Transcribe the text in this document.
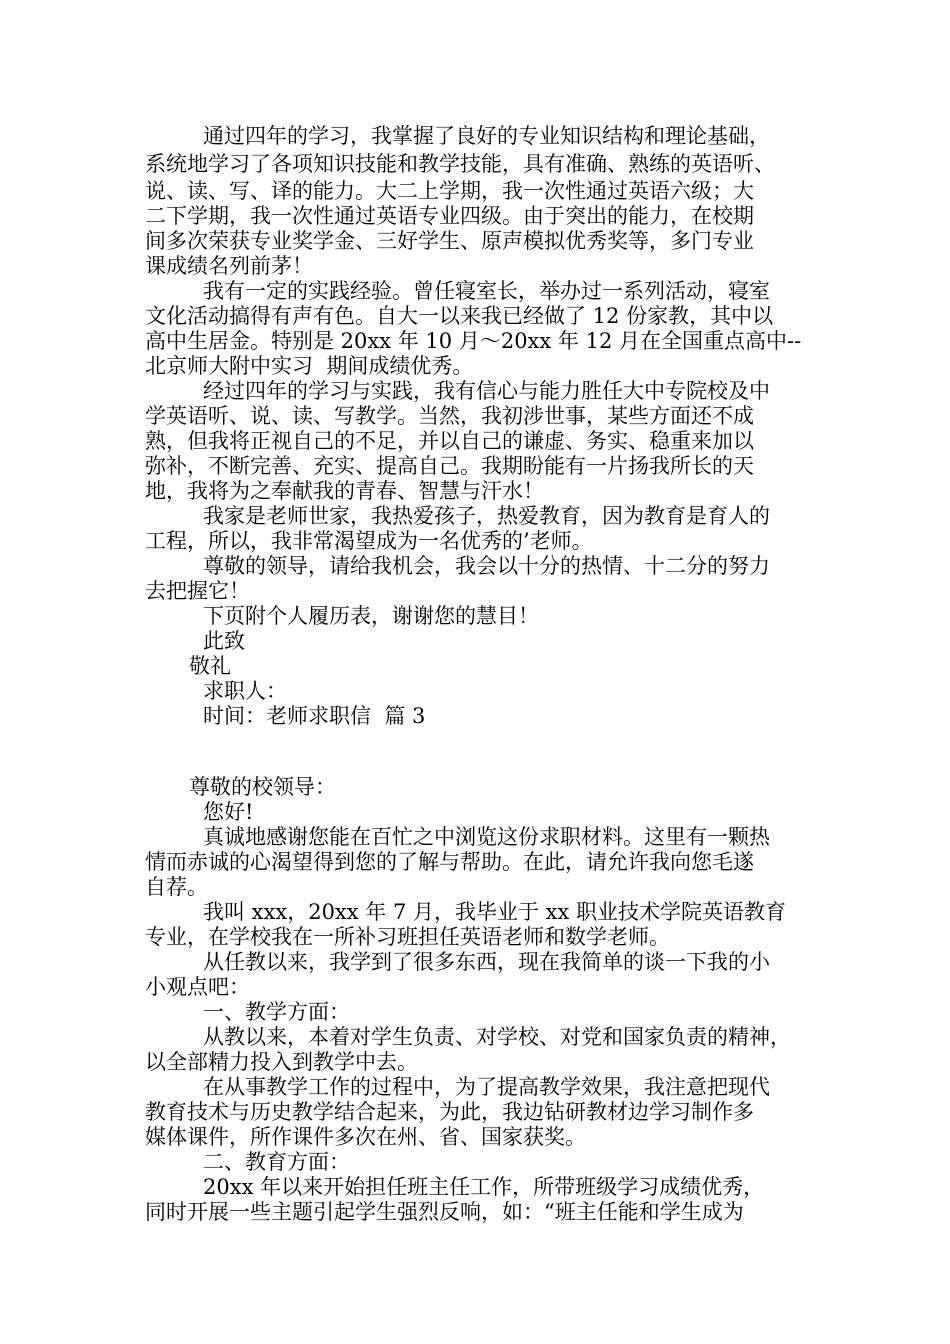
通过四年的学习，我掌握了良好的专业知识结构和理论基础，
系统地学习了各项知识技能和教学技能，具有准确、熟练的英语听、
说、读、写、译的能力。大二上学期，我一次性通过英语六级；大
二下学期，我一次性通过英语专业四级。由于突出的能力，在校期
间多次荣获专业奖学金、三好学生、原声模拟优秀奖等，多门专业
课成绩名列前茅！
我有一定的实践经验。曾任寝室长，举办过一系列活动，寝室
文化活动搞得有声有色。自大一以来我已经做了 12 份家教，其中以
高中生居金。特别是 20xx 年 10 月～20xx 年 12 月在全国重点高中--
北京师大附中实习  期间成绩优秀。
经过四年的学习与实践，我有信心与能力胜任大中专院校及中
学英语听、说、读、写教学。当然，我初涉世事，某些方面还不成
熟，但我将正视自己的不足，并以自己的谦虚、务实、稳重来加以
弥补，不断完善、充实、提高自己。我期盼能有一片扬我所长的天
地，我将为之奉献我的青春、智慧与汗水！
我家是老师世家，我热爱孩子，热爱教育，因为教育是育人的
工程，所以，我非常渴望成为一名优秀的’老师。
尊敬的领导，请给我机会，我会以十分的热情、十二分的努力
去把握它！
下页附个人履历表，谢谢您的慧目！
此致
敬礼
求职人：
时间：老师求职信  篇 3
尊敬的校领导：
您好!
真诚地感谢您能在百忙之中浏览这份求职材料。这里有一颗热
情而赤诚的心渴望得到您的了解与帮助。在此，请允许我向您毛遂
自荐。
我叫 xxx，20xx 年 7 月，我毕业于 xx 职业技术学院英语教育
专业，在学校我在一所补习班担任英语老师和数学老师。
从任教以来，我学到了很多东西，现在我简单的谈一下我的小
小观点吧：
一、教学方面：
从教以来，本着对学生负责、对学校、对党和国家负责的精神，
以全部精力投入到教学中去。
在从事教学工作的过程中，为了提高教学效果，我注意把现代
教育技术与历史教学结合起来，为此，我边钻研教材边学习制作多
媒体课件，所作课件多次在州、省、国家获奖。
二、教育方面：
20xx 年以来开始担任班主任工作，所带班级学习成绩优秀，
同时开展一些主题引起学生强烈反响，如：“班主任能和学生成为
